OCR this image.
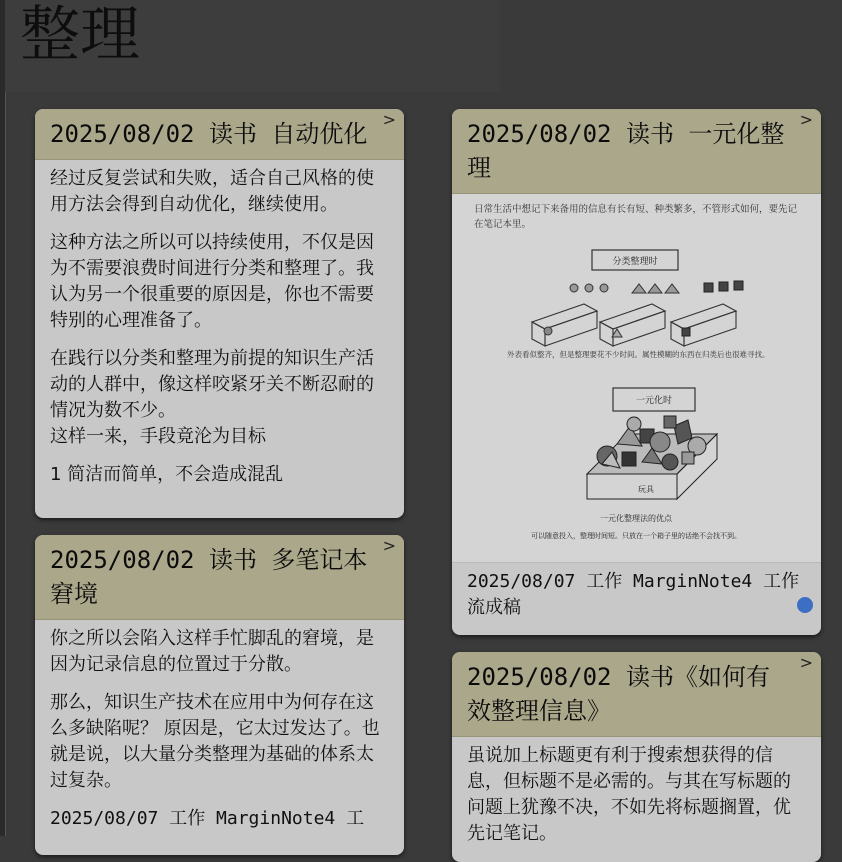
整理
2025/08/02 读书 自动优化
>

经过反复尝试和失败，适合自己风格的使用方法会得到自动优化，继续使用。

这种方法之所以可以持续使用，不仅是因为不需要浪费时间进行分类和整理了。我认为另一个很重要的原因是，你也不需要特别的心理准备了。

在践行以分类和整理为前提的知识生产活动的人群中，像这样咬紧牙关不断忍耐的情况为数不少。

这样一来，手段竟沦为目标

1 简洁而简单，不会造成混乱

2025/08/02 读书 多笔记本窘境
>

你之所以会陷入这样手忙脚乱的窘境，是因为记录信息的位置过于分散。

那么，知识生产技术在应用中为何存在这么多缺陷呢？ 原因是，它太过发达了。也就是说，以大量分类整理为基础的体系太过复杂。

2025/08/07 工作 MarginNote4 工

2025/08/02 读书 一元化整理
>
日常生活中想记下来备用的信息有长有短、种类繁多，不管形式如何，要先记在笔记本里。
分类整理时
外表看似整齐，但是整理要花不少时间。属性模糊的东西在归类后也很难寻找。
一元化时
玩具
一元化整理法的优点
可以随意投入，整理时间短。只放在一个箱子里的话绝不会找不到。

2025/08/07 工作 MarginNote4 工作流成稿

2025/08/02 读书《如何有效整理信息》
>

虽说加上标题更有利于搜索想获得的信息，但标题不是必需的。与其在写标题的问题上犹豫不决，不如先将标题搁置，优先记笔记。
